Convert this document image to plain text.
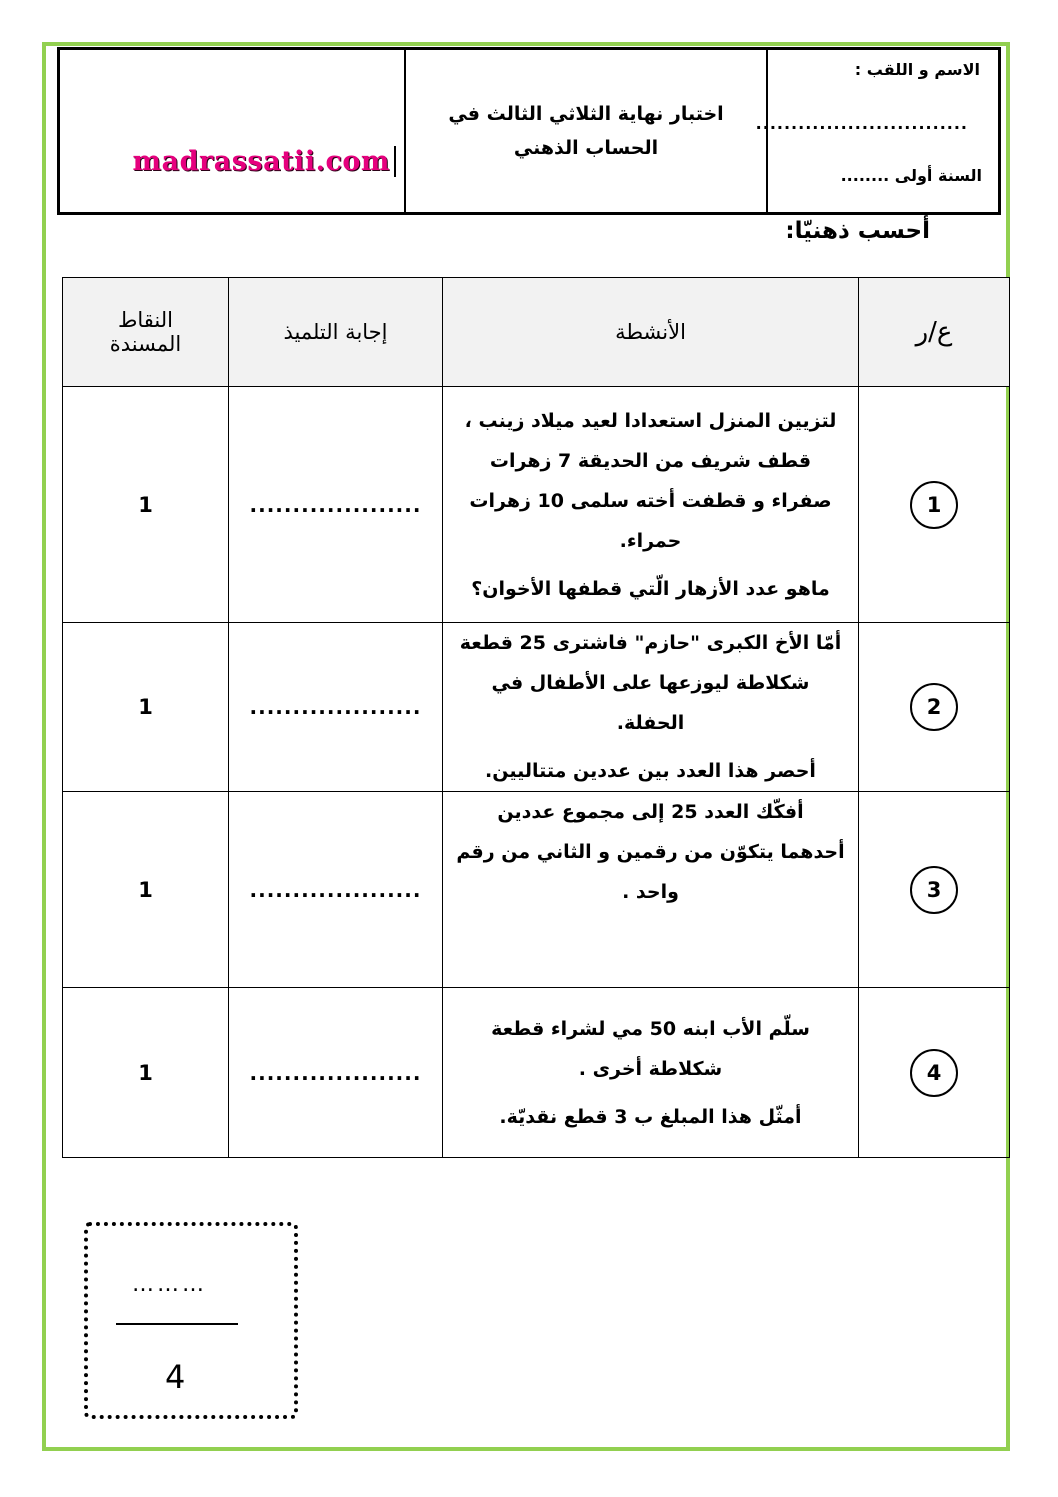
madrassatii.com
اختبار نهاية الثلاثي الثالث في
الحساب الذهني
الاسم و اللقب :
..............................
السنة أولى ........
أحسب ذهنيّا:
ع/ر	الأنشطة	إجابة التلميذ	النقاط
المسندة

1	لتزيين المنزل استعدادا لعيد ميلاد زينب ،

قطف شريف من الحديقة 7 زهرات

صفراء و قطفت أخته سلمى 10 زهرات

حمراء.

ماهو عدد الأزهار الّتي قطفها الأخوان؟	....................	1
2	أمّا الأخ الكبرى "حازم" فاشترى 25 قطعة

شكلاطة ليوزعها على الأطفال في الحفلة.

أحصر هذا العدد بين عددين متتاليين.	....................	1
3	أفكّك العدد 25 إلى مجموع عددين

أحدهما يتكوّن من رقمين و الثاني من رقم

واحد .	....................	1
4	سلّم الأب ابنه 50 مي لشراء قطعة

شكلاطة أخرى .

أمثّل هذا المبلغ ب 3 قطع نقديّة.	....................	1
………
4
